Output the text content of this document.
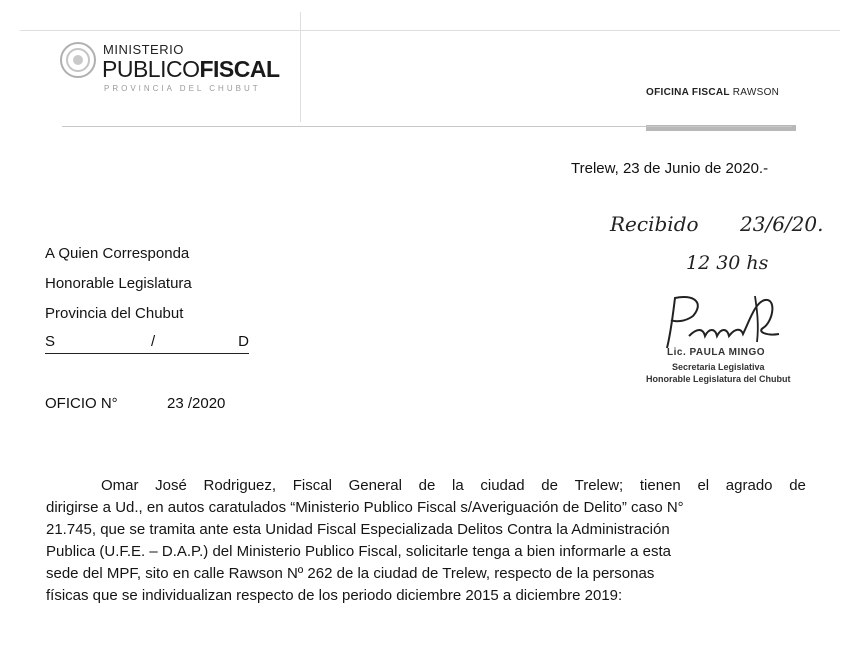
MINISTERIO
PUBLICOFISCAL
PROVINCIA DEL CHUBUT	OFICINA FISCAL RAWSON
Trelew, 23 de Junio de 2020.-
Recibido 23/6/20.
12 30 hs
Lic. PAULA MINGO
Secretaria Legislativa
Honorable Legislatura del Chubut
A Quien Corresponda
Honorable Legislatura
Provincia del Chubut
S	/	D
OFICIO N°	23 /2020
Omar José Rodriguez, Fiscal General de la ciudad de Trelew; tienen el agrado de
dirigirse a Ud., en autos caratulados “Ministerio Publico Fiscal s/Averiguación de Delito” caso N°
21.745, que se tramita ante esta Unidad Fiscal Especializada Delitos Contra la Administración
Publica (U.F.E. – D.A.P.) del Ministerio Publico Fiscal, solicitarle tenga a bien informarle a esta
sede del MPF, sito en calle Rawson Nº 262 de la ciudad de Trelew, respecto de la personas
físicas que se individualizan respecto de los periodo diciembre 2015 a diciembre 2019:
